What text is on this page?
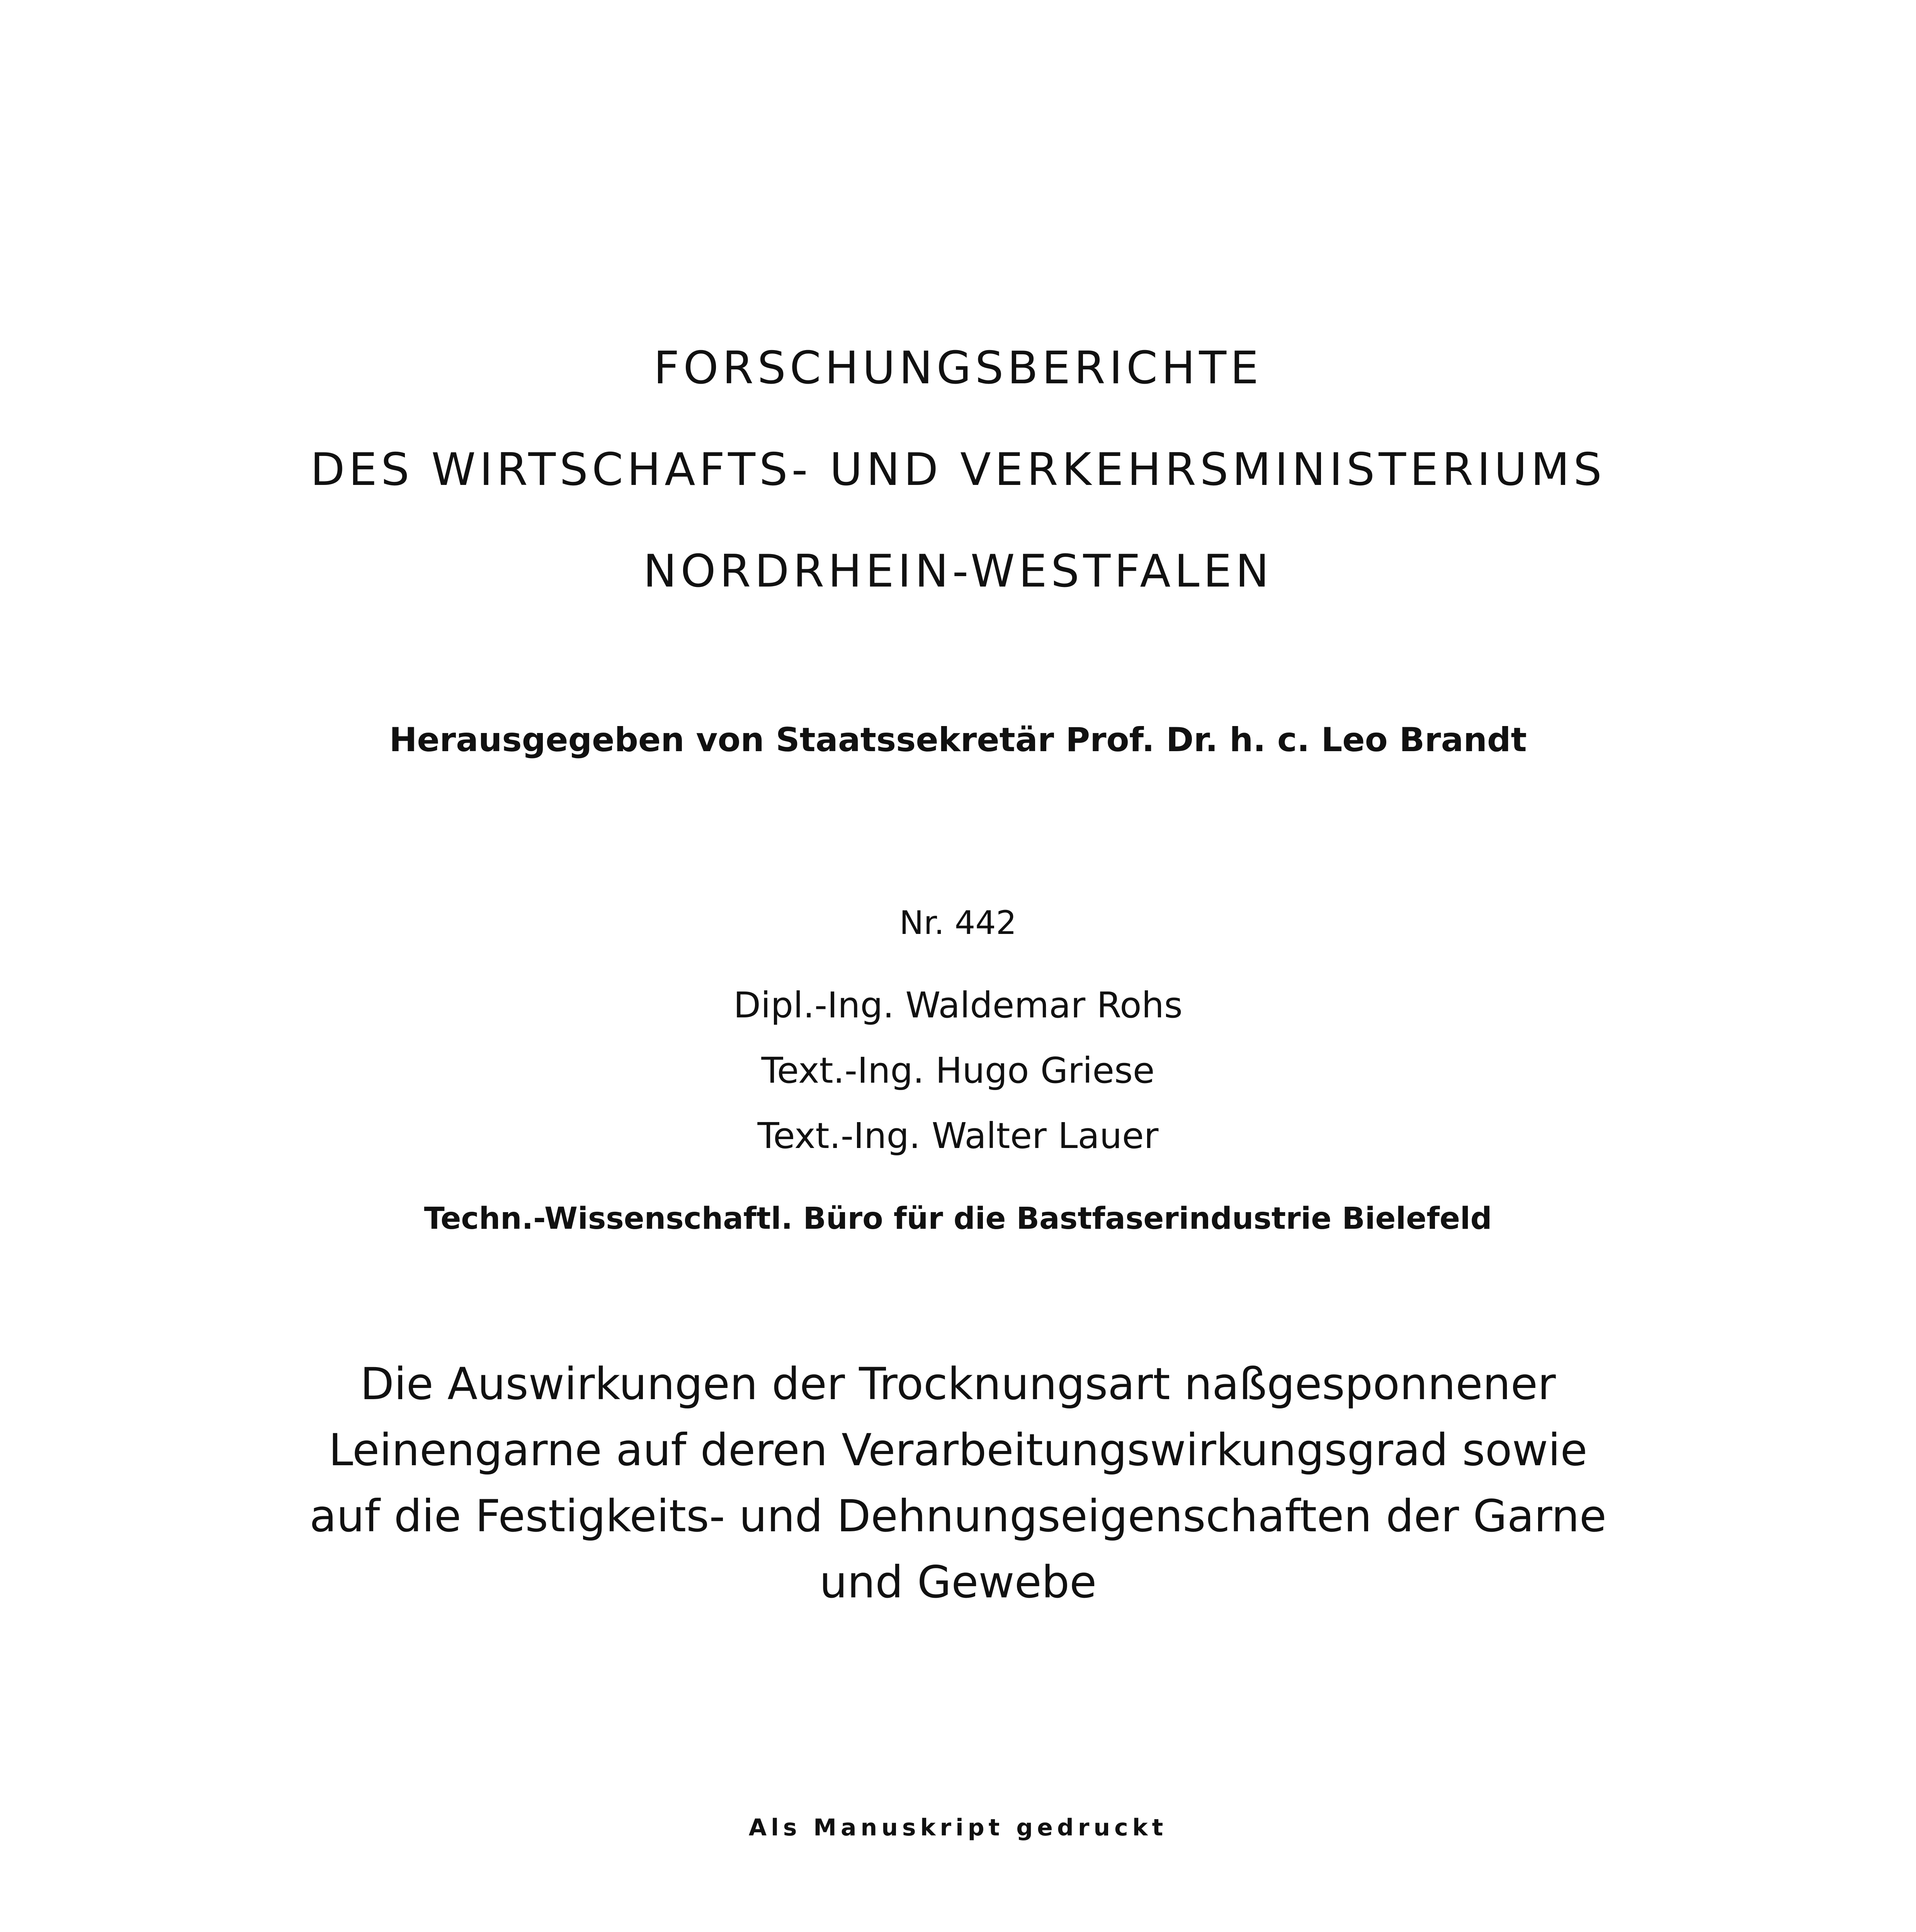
FORSCHUNGSBERICHTE
DES WIRTSCHAFTS- UND VERKEHRSMINISTERIUMS
NORDRHEIN-WESTFALEN
Herausgegeben von Staatssekretär Prof. Dr. h. c. Leo Brandt
Nr. 442
Dipl.-Ing. Waldemar Rohs
Text.-Ing. Hugo Griese
Text.-Ing. Walter Lauer
Techn.-Wissenschaftl. Büro für die Bastfaserindustrie Bielefeld
Die Auswirkungen der Trocknungsart naßgesponnener
Leinengarne auf deren Verarbeitungswirkungsgrad sowie
auf die Festigkeits- und Dehnungseigenschaften der Garne
und Gewebe
Als Manuskript gedruckt
